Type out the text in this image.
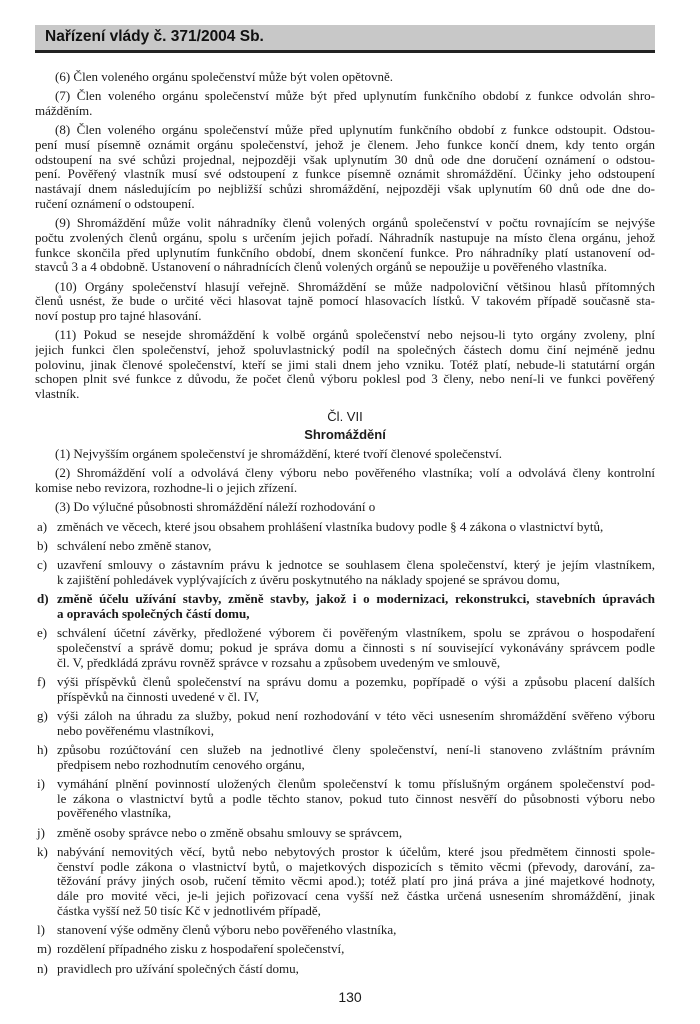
Nařízení vlády č. 371/2004 Sb.
(6) Člen voleného orgánu společenství může být volen opětovně.
(7) Člen voleného orgánu společenství může být před uplynutím funkčního období z funkce odvolán shro-
mážděním.
(8) Člen voleného orgánu společenství může před uplynutím funkčního období z funkce odstoupit. Odstou-
pení musí písemně oznámit orgánu společenství, jehož je členem. Jeho funkce končí dnem, kdy tento orgán
odstoupení na své schůzi projednal, nejpozději však uplynutím 30 dnů ode dne doručení oznámení o odstou-
pení. Pověřený vlastník musí své odstoupení z funkce písemně oznámit shromáždění. Účinky jeho odstoupení
nastávají dnem následujícím po nejbližší schůzi shromáždění, nejpozději však uplynutím 60 dnů ode dne do-
ručení oznámení o odstoupení.
(9) Shromáždění může volit náhradníky členů volených orgánů společenství v počtu rovnajícím se nejvýše
počtu zvolených členů orgánu, spolu s určením jejich pořadí. Náhradník nastupuje na místo člena orgánu, jehož
funkce skončila před uplynutím funkčního období, dnem skončení funkce. Pro náhradníky platí ustanovení od-
stavců 3 a 4 obdobně. Ustanovení o náhradnících členů volených orgánů se nepoužije u pověřeného vlastníka.
(10) Orgány společenství hlasují veřejně. Shromáždění se může nadpoloviční většinou hlasů přítomných
členů usnést, že bude o určité věci hlasovat tajně pomocí hlasovacích lístků. V takovém případě současně sta-
noví postup pro tajné hlasování.
(11) Pokud se nesejde shromáždění k volbě orgánů společenství nebo nejsou-li tyto orgány zvoleny, plní
jejich funkci člen společenství, jehož spoluvlastnický podíl na společných částech domu činí nejméně jednu
polovinu, jinak členové společenství, kteří se jimi stali dnem jeho vzniku. Totéž platí, nebude-li statutární orgán
schopen plnit své funkce z důvodu, že počet členů výboru poklesl pod 3 členy, nebo není-li ve funkci pověřený
vlastník.
Čl. VII
Shromáždění
(1) Nejvyšším orgánem společenství je shromáždění, které tvoří členové společenství.
(2) Shromáždění volí a odvolává členy výboru nebo pověřeného vlastníka; volí a odvolává členy kontrolní
komise nebo revizora, rozhodne-li o jejich zřízení.
(3) Do výlučné působnosti shromáždění náleží rozhodování o
a) změnách ve věcech, které jsou obsahem prohlášení vlastníka budovy podle § 4 zákona o vlastnictví bytů,
b) schválení nebo změně stanov,
c) uzavření smlouvy o zástavním právu k jednotce se souhlasem člena společenství, který je jejím vlastníkem,
k zajištění pohledávek vyplývajících z úvěru poskytnutého na náklady spojené se správou domu,
d) změně účelu užívání stavby, změně stavby, jakož i o modernizaci, rekonstrukci, stavebních úpravách
a opravách společných částí domu,
e) schválení účetní závěrky, předložené výborem či pověřeným vlastníkem, spolu se zprávou o hospodaření
společenství a správě domu; pokud je správa domu a činnosti s ní související vykonávány správcem podle
čl. V, předkládá zprávu rovněž správce v rozsahu a způsobem uvedeným ve smlouvě,
f) výši příspěvků členů společenství na správu domu a pozemku, popřípadě o výši a způsobu placení dalších
příspěvků na činnosti uvedené v čl. IV,
g) výši záloh na úhradu za služby, pokud není rozhodování v této věci usnesením shromáždění svěřeno výboru
nebo pověřenému vlastníkovi,
h) způsobu rozúčtování cen služeb na jednotlivé členy společenství, není-li stanoveno zvláštním právním
předpisem nebo rozhodnutím cenového orgánu,
i) vymáhání plnění povinností uložených členům společenství k tomu příslušným orgánem společenství pod-
le zákona o vlastnictví bytů a podle těchto stanov, pokud tuto činnost nesvěří do působnosti výboru nebo
pověřeného vlastníka,
j) změně osoby správce nebo o změně obsahu smlouvy se správcem,
k) nabývání nemovitých věcí, bytů nebo nebytových prostor k účelům, které jsou předmětem činnosti spole-
čenství podle zákona o vlastnictví bytů, o majetkových dispozicích s těmito věcmi (převody, darování, za-
těžování právy jiných osob, ručení těmito věcmi apod.); totéž platí pro jiná práva a jiné majetkové hodnoty,
dále pro movité věci, je-li jejich pořizovací cena vyšší než částka určená usnesením shromáždění, jinak
částka vyšší než 50 tisíc Kč v jednotlivém případě,
l) stanovení výše odměny členů výboru nebo pověřeného vlastníka,
m) rozdělení případného zisku z hospodaření společenství,
n) pravidlech pro užívání společných částí domu,
130
